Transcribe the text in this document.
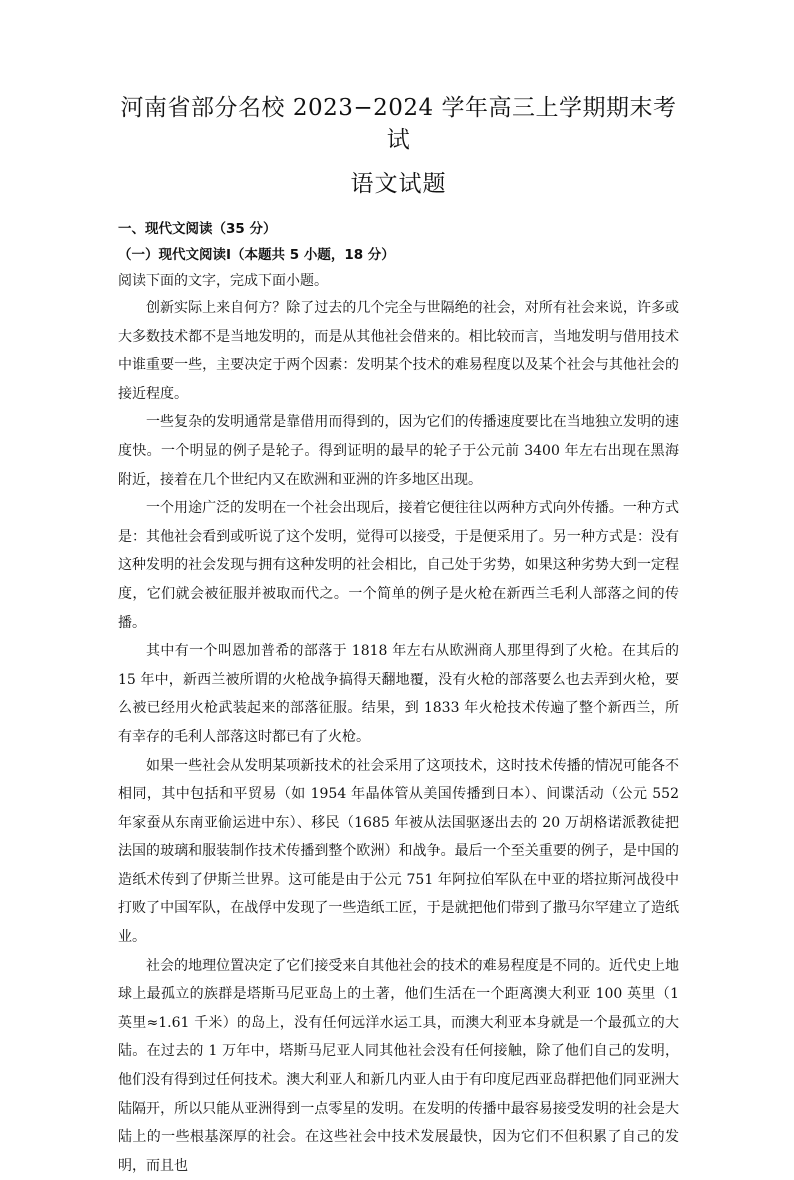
河南省部分名校 2023−2024 学年高三上学期期末考试
语文试题

一、现代文阅读（35 分）

（一）现代文阅读Ⅰ（本题共 5 小题，18 分）

阅读下面的文字，完成下面小题。

创新实际上来自何方？除了过去的几个完全与世隔绝的社会，对所有社会来说，许多或大多数技术都不是当地发明的，而是从其他社会借来的。相比较而言，当地发明与借用技术中谁重要一些，主要决定于两个因素：发明某个技术的难易程度以及某个社会与其他社会的接近程度。

一些复杂的发明通常是靠借用而得到的，因为它们的传播速度要比在当地独立发明的速度快。一个明显的例子是轮子。得到证明的最早的轮子于公元前 3400 年左右出现在黑海附近，接着在几个世纪内又在欧洲和亚洲的许多地区出现。

一个用途广泛的发明在一个社会出现后，接着它便往往以两种方式向外传播。一种方式是：其他社会看到或听说了这个发明，觉得可以接受，于是便采用了。另一种方式是：没有这种发明的社会发现与拥有这种发明的社会相比，自己处于劣势，如果这种劣势大到一定程度，它们就会被征服并被取而代之。一个简单的例子是火枪在新西兰毛利人部落之间的传播。

其中有一个叫恩加普希的部落于 1818 年左右从欧洲商人那里得到了火枪。在其后的 15 年中，新西兰被所谓的火枪战争搞得天翻地覆，没有火枪的部落要么也去弄到火枪，要么被已经用火枪武装起来的部落征服。结果，到 1833 年火枪技术传遍了整个新西兰，所有幸存的毛利人部落这时都已有了火枪。

如果一些社会从发明某项新技术的社会采用了这项技术，这时技术传播的情况可能各不相同，其中包括和平贸易（如 1954 年晶体管从美国传播到日本）、间谍活动（公元 552 年家蚕从东南亚偷运进中东）、移民（1685 年被从法国驱逐出去的 20 万胡格诺派教徒把法国的玻璃和服装制作技术传播到整个欧洲）和战争。最后一个至关重要的例子，是中国的造纸术传到了伊斯兰世界。这可能是由于公元 751 年阿拉伯军队在中亚的塔拉斯河战役中打败了中国军队，在战俘中发现了一些造纸工匠，于是就把他们带到了撒马尔罕建立了造纸业。

社会的地理位置决定了它们接受来自其他社会的技术的难易程度是不同的。近代史上地球上最孤立的族群是塔斯马尼亚岛上的土著，他们生活在一个距离澳大利亚 100 英里（1 英里≈1.61 千米）的岛上，没有任何远洋水运工具，而澳大利亚本身就是一个最孤立的大陆。在过去的 1 万年中，塔斯马尼亚人同其他社会没有任何接触，除了他们自己的发明，他们没有得到过任何技术。澳大利亚人和新几内亚人由于有印度尼西亚岛群把他们同亚洲大陆隔开，所以只能从亚洲得到一点零星的发明。在发明的传播中最容易接受发明的社会是大陆上的一些根基深厚的社会。在这些社会中技术发展最快，因为它们不但积累了自己的发明，而且也
